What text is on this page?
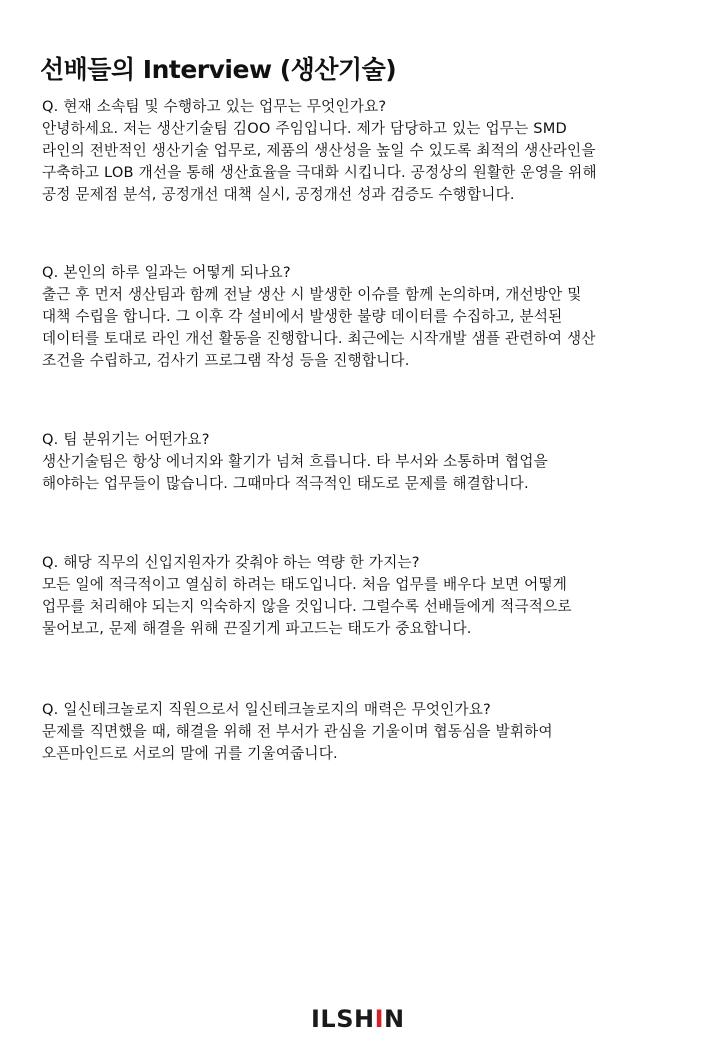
선배들의 Interview (생산기술)
Q. 현재 소속팀 및 수행하고 있는 업무는 무엇인가요?
안녕하세요. 저는 생산기술팀 김OO 주임입니다. 제가 담당하고 있는 업무는 SMD
라인의 전반적인 생산기술 업무로, 제품의 생산성을 높일 수 있도록 최적의 생산라인을
구축하고 LOB 개선을 통해 생산효율을 극대화 시킵니다. 공정상의 원활한 운영을 위해
공정 문제점 분석, 공정개선 대책 실시, 공정개선 성과 검증도 수행합니다.
Q. 본인의 하루 일과는 어떻게 되나요?
출근 후 먼저 생산팀과 함께 전날 생산 시 발생한 이슈를 함께 논의하며, 개선방안 및
대책 수립을 합니다. 그 이후 각 설비에서 발생한 불량 데이터를 수집하고, 분석된
데이터를 토대로 라인 개선 활동을 진행합니다. 최근에는 시작개발 샘플 관련하여 생산
조건을 수립하고, 검사기 프로그램 작성 등을 진행합니다.
Q. 팀 분위기는 어떤가요?
생산기술팀은 항상 에너지와 활기가 넘쳐 흐릅니다. 타 부서와 소통하며 협업을
해야하는 업무들이 많습니다. 그때마다 적극적인 태도로 문제를 해결합니다.
Q. 해당 직무의 신입지원자가 갖춰야 하는 역량 한 가지는?
모든 일에 적극적이고 열심히 하려는 태도입니다. 처음 업무를 배우다 보면 어떻게
업무를 처리해야 되는지 익숙하지 않을 것입니다. 그럴수록 선배들에게 적극적으로
물어보고, 문제 해결을 위해 끈질기게 파고드는 태도가 중요합니다.
Q. 일신테크놀로지 직원으로서 일신테크놀로지의 매력은 무엇인가요?
문제를 직면했을 때, 해결을 위해 전 부서가 관심을 기울이며 협동심을 발휘하여
오픈마인드로 서로의 말에 귀를 기울여줍니다.
ILSHIN
